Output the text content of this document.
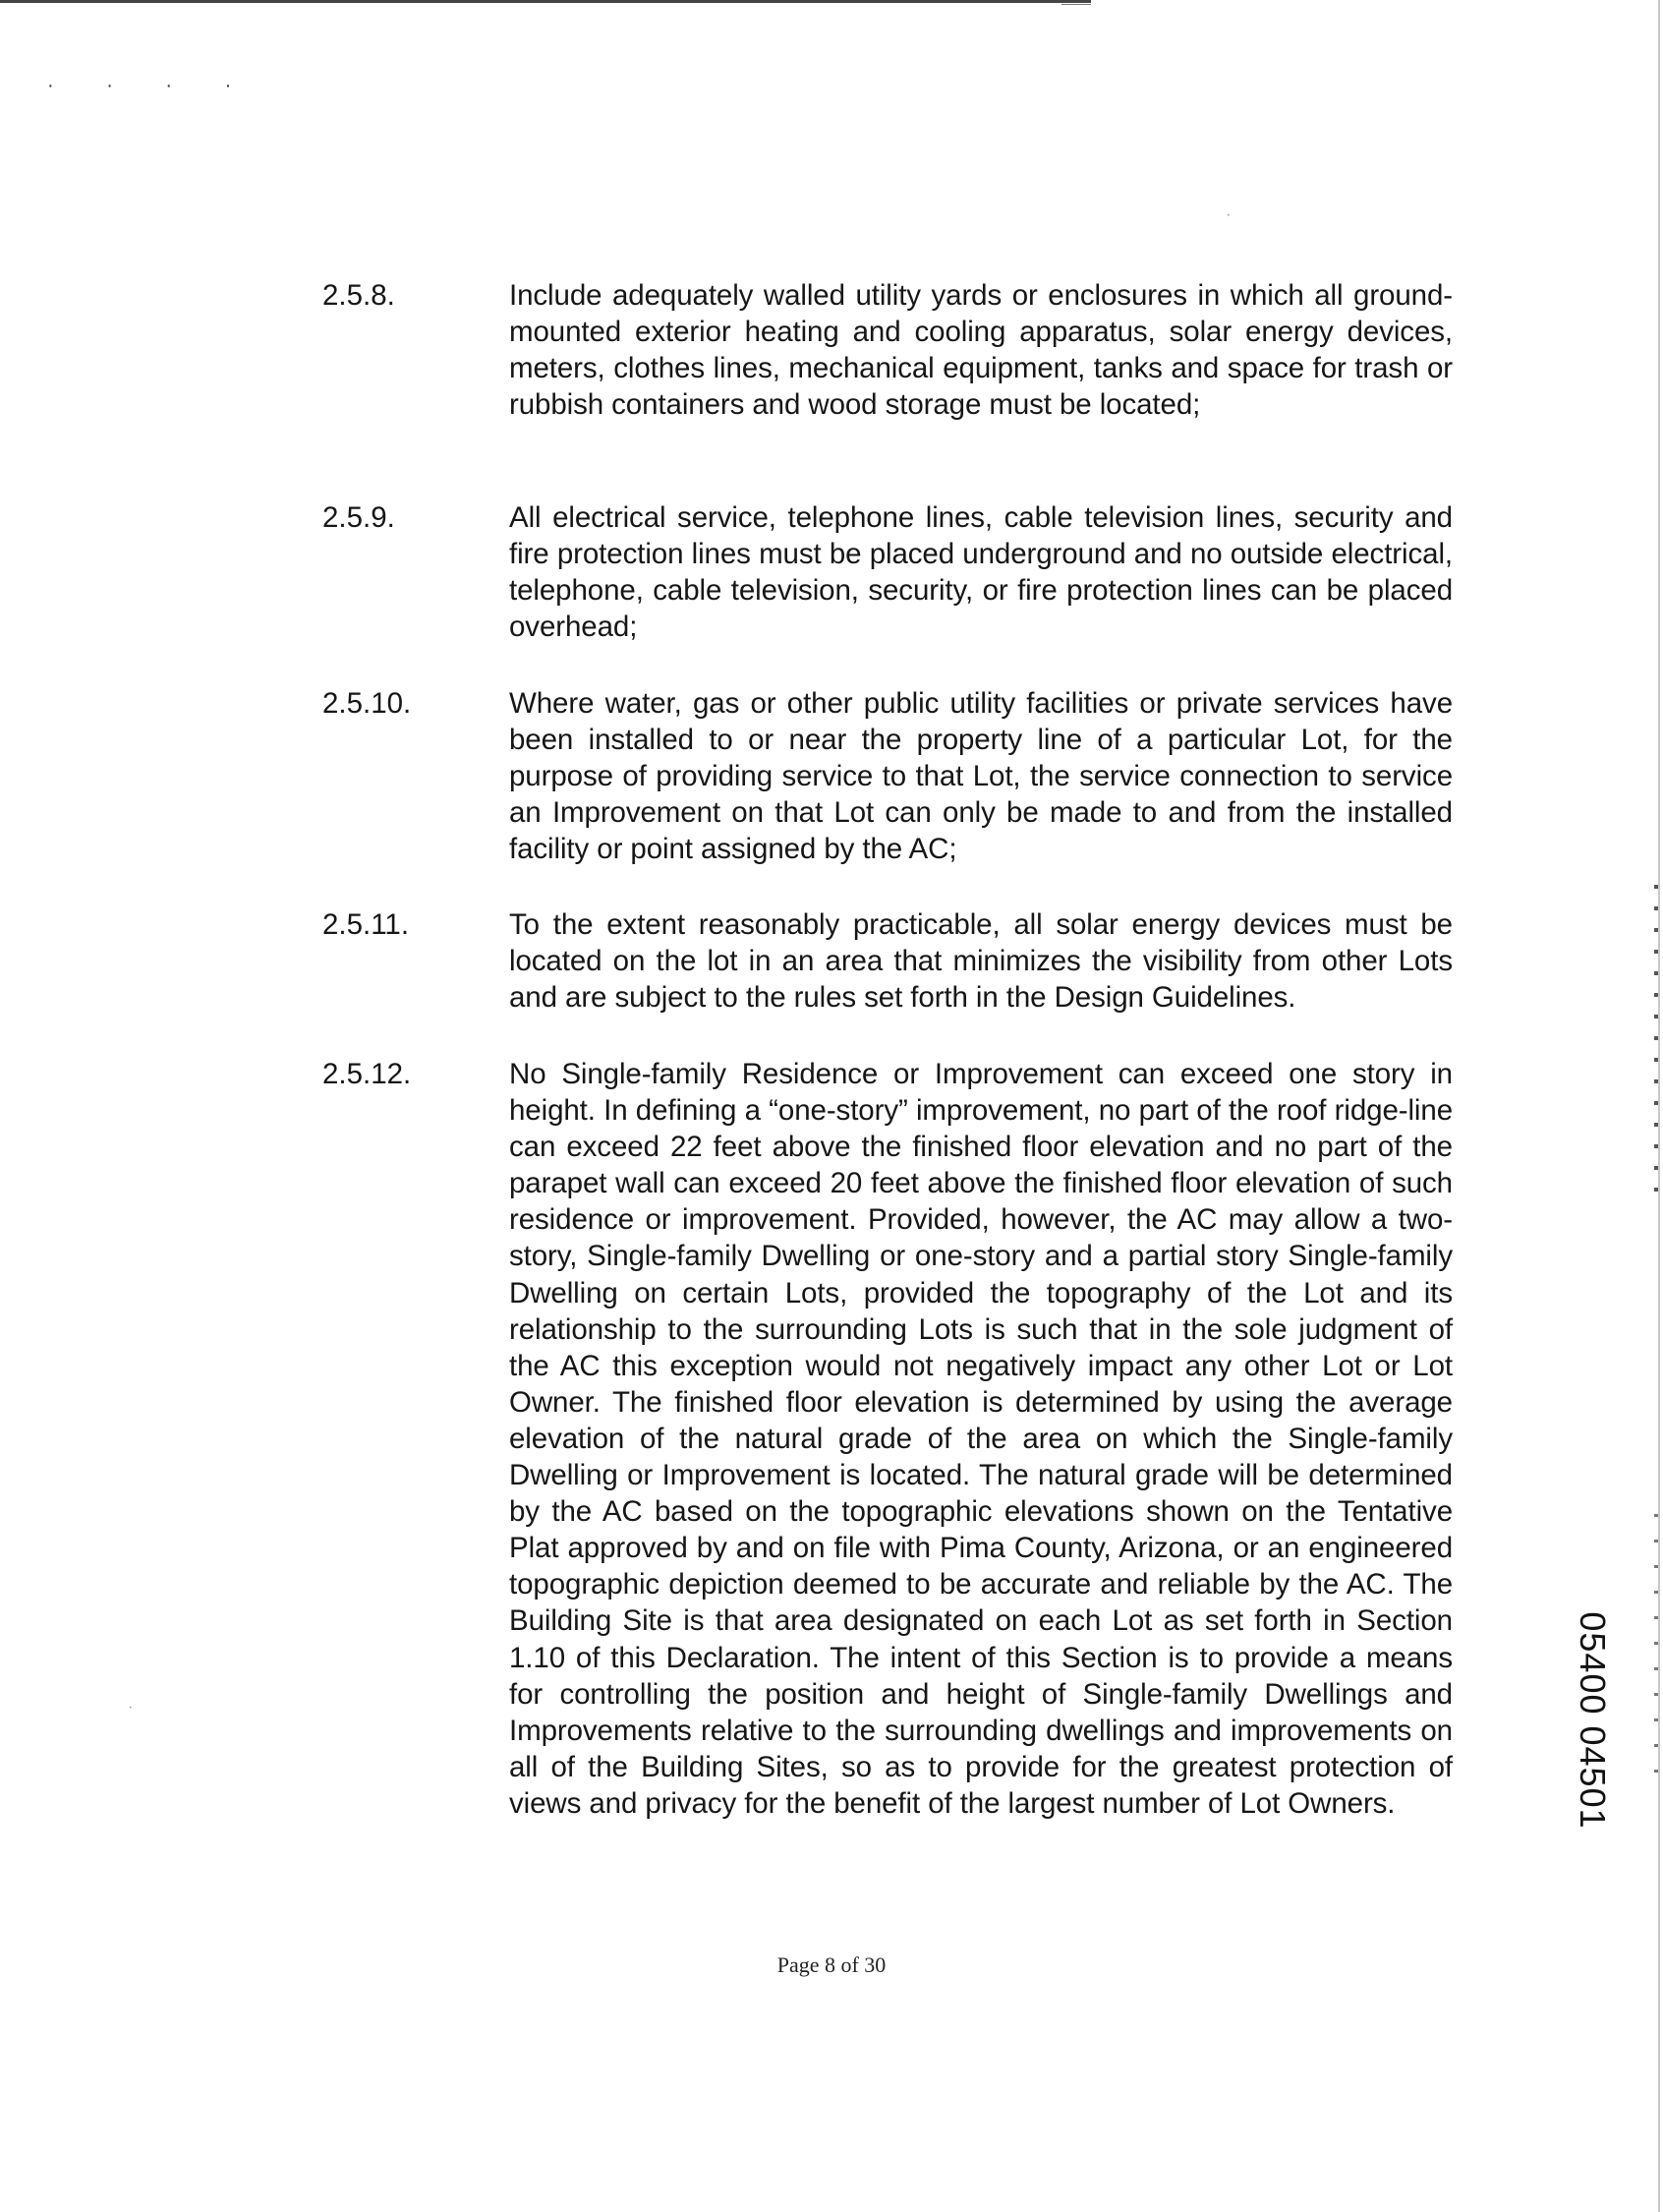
· · · ·
·
·
2.5.8.	Include adequately walled utility yards or enclosures in which all ground-mounted exterior heating and cooling apparatus, solar energy devices, meters, clothes lines, mechanical equipment, tanks and space for trash or rubbish containers and wood storage must be located;
2.5.9.	All electrical service, telephone lines, cable television lines, security and fire protection lines must be placed underground and no outside electrical, telephone, cable television, security, or fire protection lines can be placed overhead;
2.5.10.	Where water, gas or other public utility facilities or private services have been installed to or near the property line of a particular Lot, for the purpose of providing service to that Lot, the service connection to service an Improvement on that Lot can only be made to and from the installed facility or point assigned by the AC;
2.5.11.	To the extent reasonably practicable, all solar energy devices must be located on the lot in an area that minimizes the visibility from other Lots and are subject to the rules set forth in the Design Guidelines.
2.5.12.	No Single-family Residence or Improvement can exceed one story in height. In defining a “one-story” improvement, no part of the roof ridge-line can exceed 22 feet above the finished floor elevation and no part of the parapet wall can exceed 20 feet above the finished floor elevation of such residence or improvement. Provided, however, the AC may allow a two-story, Single-family Dwelling or one-story and a partial story Single-family Dwelling on certain Lots, provided the topography of the Lot and its relationship to the surrounding Lots is such that in the sole judgment of the AC this exception would not negatively impact any other Lot or Lot Owner. The finished floor elevation is determined by using the average elevation of the natural grade of the area on which the Single-family Dwelling or Improvement is located. The natural grade will be determined by the AC based on the topographic elevations shown on the Tentative Plat approved by and on file with Pima County, Arizona, or an engineered topographic depiction deemed to be accurate and reliable by the AC. The Building Site is that area designated on each Lot as set forth in Section 1.10 of this Declaration. The intent of this Section is to provide a means for controlling the position and height of Single-family Dwellings and Improvements relative to the surrounding dwellings and improvements on all of the Building Sites, so as to provide for the greatest protection of views and privacy for the benefit of the largest number of Lot Owners.
Page 8 of 30
05400 04501
